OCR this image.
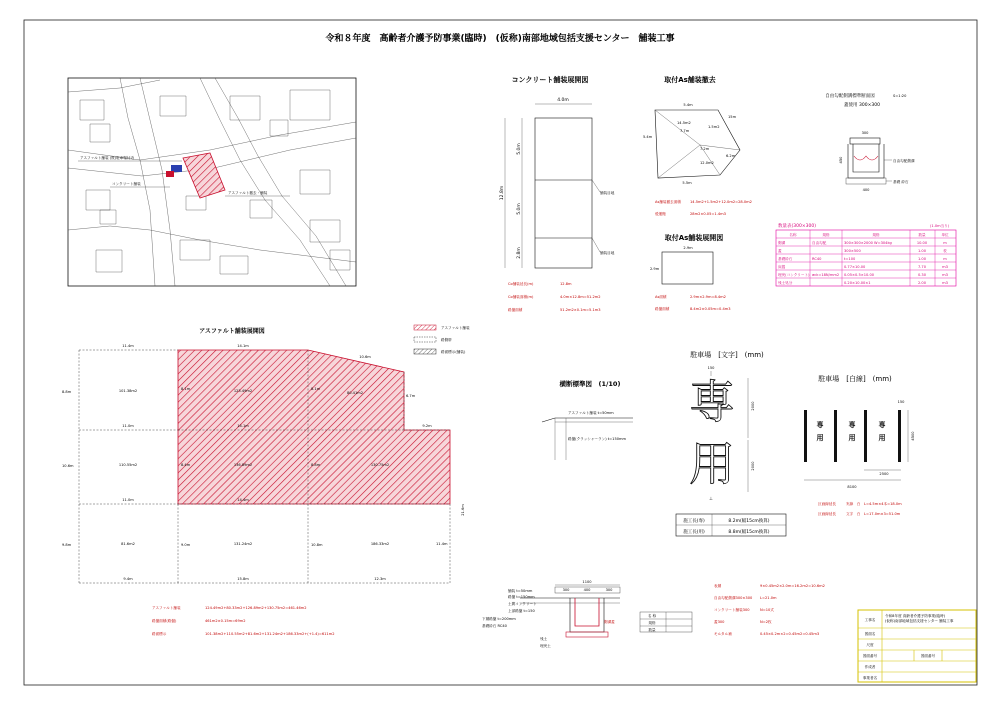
令和８年度　高齢者介護予防事業(臨時)　(仮称)南部地域包括支援センター　舗装工事
アスファルト舗装 (既)駐車場付近
コンクリート舗装
アスファルト撤去・舗装
コンクリート舗装展開図
4.0m
12.8m
5.0m
5.0m
2.8m
舗装目地
舗装目地
Co舗装延長(m)	12.8m
Co舗装面積(m)	4.0m×12.8m=51.2m2
路盤面積	51.2m2×0.1m=5.1m3
取付As舗装撤去
5.4m
14.5m2
7.7m
1.5m2
15m
5.4m
7.2m
12.0m2
6.2m
5.5m
As舗装撤去面積	14.5m2+1.5m2+12.0m2=28.0m2
殻運搬	28m2×0.05=1.4m3
取付As舗装展開図
2.9m
2.9m
As面積	2.9m×2.9m=8.4m2
路盤面積	8.4m2×0.05m=0.4m3
自由勾配側溝標準断面図	S=1:20
蓋使用 300×300
300
450
400
自由勾配側溝
基礎 砕石
数量表(300×300)	(1.0m当り)
名称	規格	規格	数量	単位
側溝	自由勾配	300×300×2000 W=304kg	10.00	m
蓋	300×500	1.00	枚
基礎砕石	RC40	t=100	1.00	m
床掘	0.77×10.00	7.70	m3
埋戻(コンクリート) σck=18N/mm2 0.05×0.5×10.00	0.30	m3
残土処分	0.20×10.00×1	2.00	m3
アスファルト舗装展開図	アスファルト舗装
路側帯
路面標示(舗装)
11.4m	14.1m
10.6m
8.8m
10.6m
9.8m
11.0m	14.1m	9.2m
11.0m	14.4m
9.4m	15.8m	12.3m
6.7m
11.4m
21.6m
8.1m	8.1m
9.0m	10.8m
8.4m	8.8m
101.38m2	123.49m2	80.41m2
110.55m2	136.89m2	130.75m2
81.6m2	131.24m2	186.33m2
アスファルト舗装	124.49m2+80.33m2+126.89m2+130.75m2=461.46m2
路盤面積(路盤)	461m2×0.15m=69m2
路面標示	101.38m2+110.55m2+81.6m2+131.24m2+186.33m2+(+1.4)=611m2
横断標準図　(1/10)
アスファルト舗装 t=50mm
路盤(クラッシャーラン) t=150mm
1100
300	400	300
舗装 t=50mm
路盤 t=150mm
土間コンクリート
上部路盤 t=150
下層路盤 t=200mm
基礎砕石 RC40
残土
埋戻土
側溝蓋
名 称
規格
数量
表層	9×0.45m2×2.0m=16.2m2=10.6m2
自由勾配側溝300×300 L=21.0m
コンクリート舗装300	N=10式
蓋300	N=2枚
モルタル補	0.45×0.2m×2=0.45m2=0.45m3
駐車場　[文字]　(mm)
150
専
用
2000
2000
⊥
施工長(専)	8.2m(幅15cm換算)
施工長(用)	8.8m(幅15cm換算)
駐車場　[白線]　(mm)
150
専
用
専
用
専
用	4500
2500
8100
区画線延長	実線　白　L=4.5m×4本=18.0m
区画線延長	文字　白　L=17.0m×3=51.0m
工事名
令和8年度 高齢者介護予防事業(臨時) (仮称)南部地域包括支援センター 舗装工事
図面名
尺度
図面番号	図面番号
作成者
事業者名
